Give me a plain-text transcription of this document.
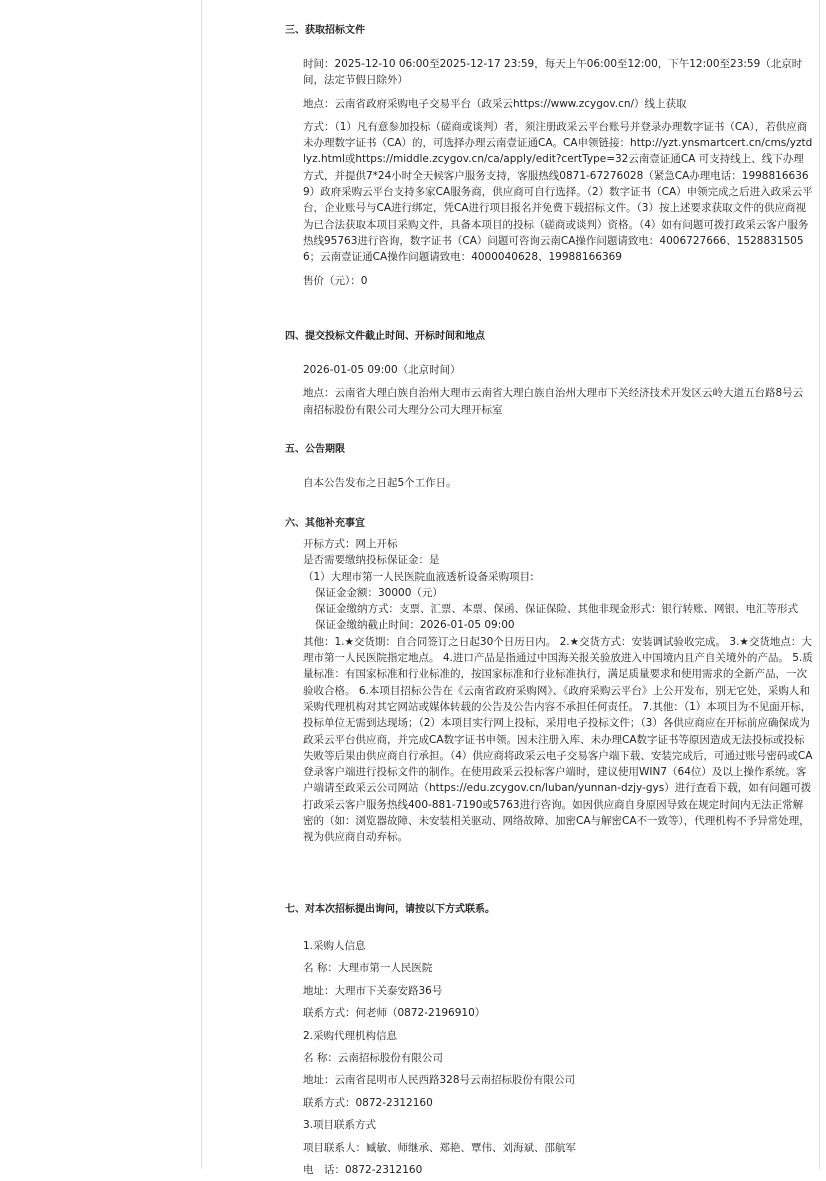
三、获取招标文件

时间：2025-12-10 06:00至2025-12-17 23:59，每天上午06:00至12:00，下午12:00至23:59（北京时间，法定节假日除外）

地点：云南省政府采购电子交易平台（政采云https://www.zcygov.cn/）线上获取

方式：（1）凡有意参加投标（磋商或谈判）者，须注册政采云平台账号并登录办理数字证书（CA），若供应商未办理数字证书（CA）的，可选择办理云南壹证通CA。CA申领链接：http://yzt.ynsmartcert.cn/cms/yztdlyz.html或https://middle.zcygov.cn/ca/apply/edit?certType=32云南壹证通CA 可支持线上、线下办理方式，并提供7*24小时全天候客户服务支持，客服热线0871-67276028（紧急CA办理电话：19988166369）政府采购云平台支持多家CA服务商，供应商可自行选择。（2）数字证书（CA）申领完成之后进入政采云平台，企业账号与CA进行绑定，凭CA进行项目报名并免费下载招标文件。（3）按上述要求获取文件的供应商视为已合法获取本项目采购文件，具备本项目的投标（磋商或谈判）资格。（4）如有问题可拨打政采云客户服务热线95763进行咨询，数字证书（CA）问题可咨询云南CA操作问题请致电：4006727666、15288315056；云南壹证通CA操作问题请致电：4000040628、19988166369

售价（元）：0

四、提交投标文件截止时间、开标时间和地点

2026-01-05 09:00（北京时间）

地点：云南省大理白族自治州大理市云南省大理白族自治州大理市下关经济技术开发区云岭大道五台路8号云南招标股份有限公司大理分公司大理开标室

五、公告期限

自本公告发布之日起5个工作日。

六、其他补充事宜

开标方式：网上开标

是否需要缴纳投标保证金：是

（1）大理市第一人民医院血液透析设备采购项目:

保证金金额：30000（元）

保证金缴纳方式：支票、汇票、本票、保函、保证保险、其他非现金形式：银行转账、网银、电汇等形式

保证金缴纳截止时间：2026-01-05 09:00

其他：1.★交货期：自合同签订之日起30个日历日内。 2.★交货方式：安装调试验收完成。 3.★交货地点：大理市第一人民医院指定地点。 4.进口产品是指通过中国海关报关验放进入中国境内且产自关境外的产品。 5.质量标准：有国家标准和行业标准的，按国家标准和行业标准执行，满足质量要求和使用需求的全新产品，一次验收合格。 6.本项目招标公告在《云南省政府采购网》、《政府采购云平台》上公开发布，别无它处，采购人和采购代理机构对其它网站或媒体转载的公告及公告内容不承担任何责任。 7.其他：（1）本项目为不见面开标，投标单位无需到达现场；（2）本项目实行网上投标，采用电子投标文件；（3）各供应商应在开标前应确保成为政采云平台供应商，并完成CA数字证书申领。因未注册入库、未办理CA数字证书等原因造成无法投标或投标失败等后果由供应商自行承担。（4）供应商将政采云电子交易客户端下载、安装完成后，可通过账号密码或CA登录客户端进行投标文件的制作。在使用政采云投标客户端时，建议使用WIN7（64位）及以上操作系统。客户端请至政采云公司网站（https://edu.zcygov.cn/luban/yunnan-dzjy-gys）进行查看下载，如有问题可拨打政采云客户服务热线400-881-7190或5763进行咨询。如因供应商自身原因导致在规定时间内无法正常解密的（如：浏览器故障、未安装相关驱动、网络故障、加密CA与解密CA不一致等），代理机构不予异常处理，视为供应商自动弃标。

七、对本次招标提出询问，请按以下方式联系。

1.采购人信息

名 称：大理市第一人民医院

地址：大理市下关泰安路36号

联系方式：何老师（0872-2196910）

2.采购代理机构信息

名 称：云南招标股份有限公司

地址：云南省昆明市人民西路328号云南招标股份有限公司

联系方式：0872-2312160

3.项目联系方式

项目联系人：臧敏、师继承、郑艳、覃伟、刘海斌、邵航军

电　话：0872-2312160
